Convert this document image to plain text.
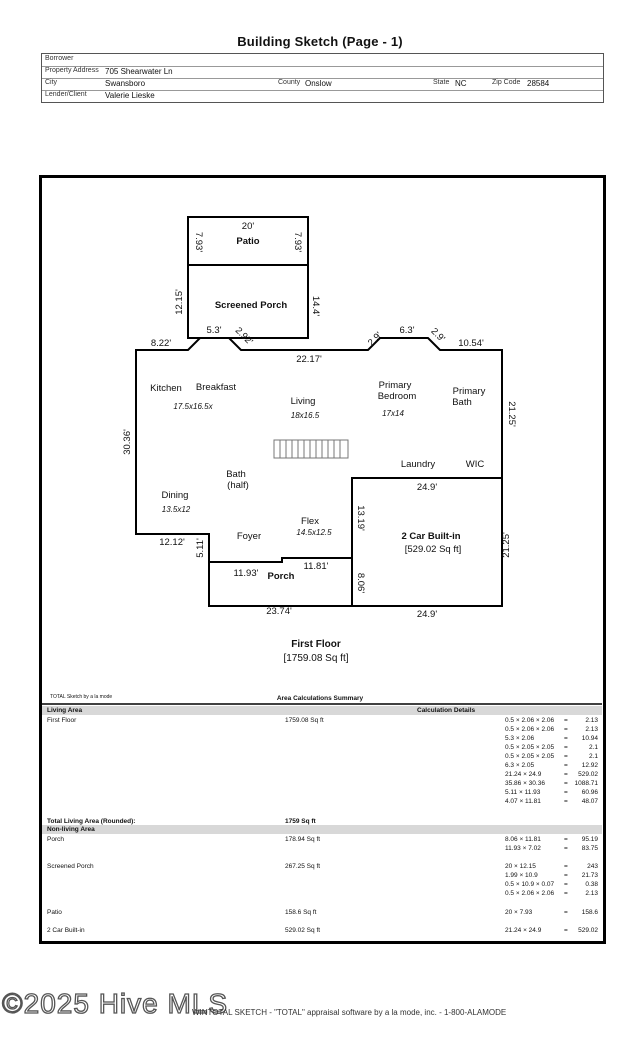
Building Sketch (Page - 1)
Borrower
Property Address 705 Shearwater Ln
City	Swansboro	County Onslow	State NC	Zip Code 28584
Lender/Client Valerie Lieske
20'
Patio
7.93'	7.93'
Screened Porch
12.15'	14.4'
8.22'
5.3' 2.92'
22.17'
2.9' 6.3' 2.9' 10.54'
Kitchen Breakfast
17.5x16.5x	Living
18x16.5
Primary
Bedroom
17x14
Primary
Bath	21.25'
30.36'
Laundry	WIC
Bath
(half)	24.9'
Dining
13.5x12
Flex
14.5x12.5
Foyer
13.19'
2 Car Built-in
[529.02 Sq ft]	21.25'
12.12' 5.11'
11.93' Porch
11.81'
8.06'
23.74'	24.9'
First Floor
[1759.08 Sq ft]
TOTAL Sketch by a la mode	Area Calculations Summary
Living Area	Calculation Details
First Floor	1759.08 Sq ft	0.5 × 2.06 × 2.06 =	2.13
0.5 × 2.06 × 2.06 =	2.13
5.3 × 2.06	= 10.94
0.5 × 2.05 × 2.05 =	2.1
0.5 × 2.05 × 2.05 =	2.1
6.3 × 2.05	= 12.92
21.24 × 24.9	= 529.02
35.86 × 30.36	= 1088.71
5.11 × 11.93	= 60.96
4.07 × 11.81	= 48.07
Total Living Area (Rounded):	1759 Sq ft
Non-living Area
Porch	178.94 Sq ft	8.06 × 11.81	= 95.19
11.93 × 7.02	= 83.75
Screened Porch	267.25 Sq ft	20 × 12.15	=	243
1.99 × 10.9	= 21.73
0.5 × 10.9 × 0.07 =	0.38
0.5 × 2.06 × 2.06 =	2.13
Patio	158.6 Sq ft	20 × 7.93	= 158.6
2 Car Built-in	529.02 Sq ft	21.24 × 24.9	= 529.02
©2025 Hive MLS
WINTOTAL SKETCH - "TOTAL" appraisal software by a la mode, inc. - 1-800-ALAMODE
